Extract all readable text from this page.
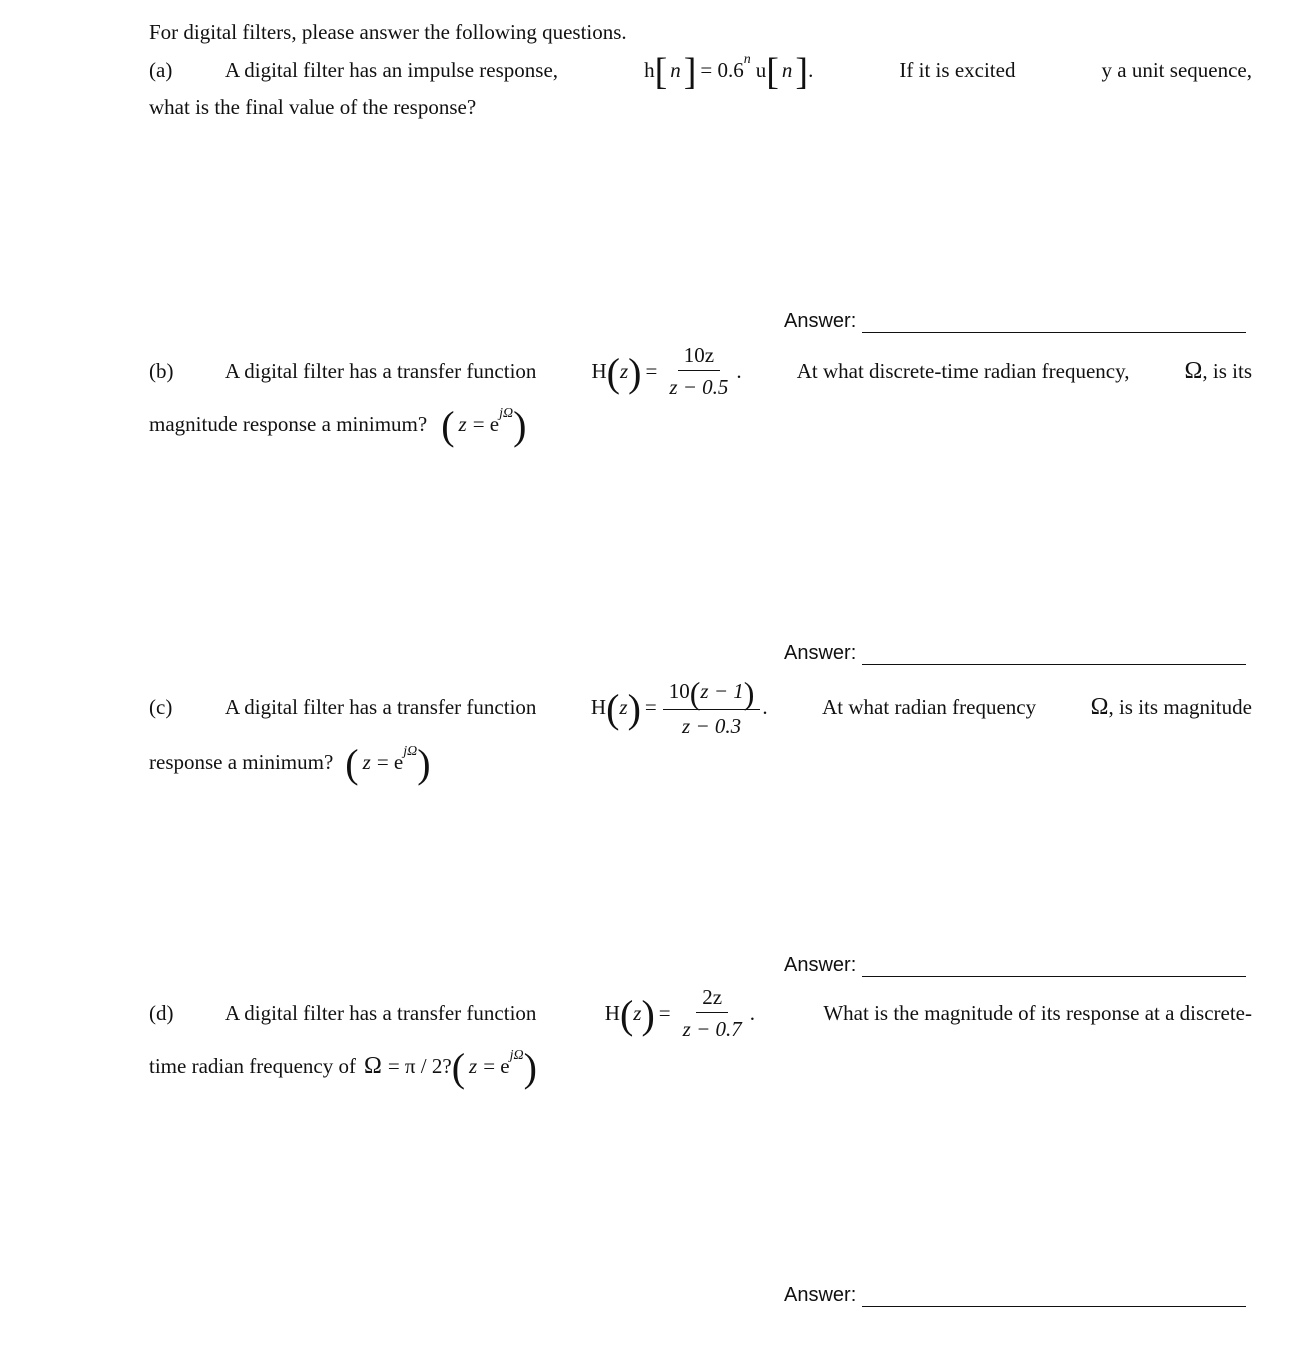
For digital filters, please answer the following questions.
(a)	A digital filter has an impulse response,	h [ n ] = 0.6 n u [ n ] .	If it is excited	y a unit sequence,
what is the final value of the response?
Answer:
(b)	A digital filter has a transfer function	H ( z ) = $\frac{10z}{z - 0.5}$ .	At what discrete-time radian frequency, Ω , is its
magnitude response a minimum? ( z = e jΩ )
Answer:
(c)	A digital filter has a transfer function	H ( z ) = $\frac{10 ( z - 1 )}{z - 0.3}$ .	At what radian frequency Ω , is its magnitude
response a minimum? ( z = e jΩ )
Answer:
(d)	A digital filter has a transfer function	H ( z ) = $\frac{2z}{z - 0.7}$ .	What is the magnitude of its response at a discrete-
time radian frequency of Ω = π / 2? ( z = e jΩ )
Answer:
